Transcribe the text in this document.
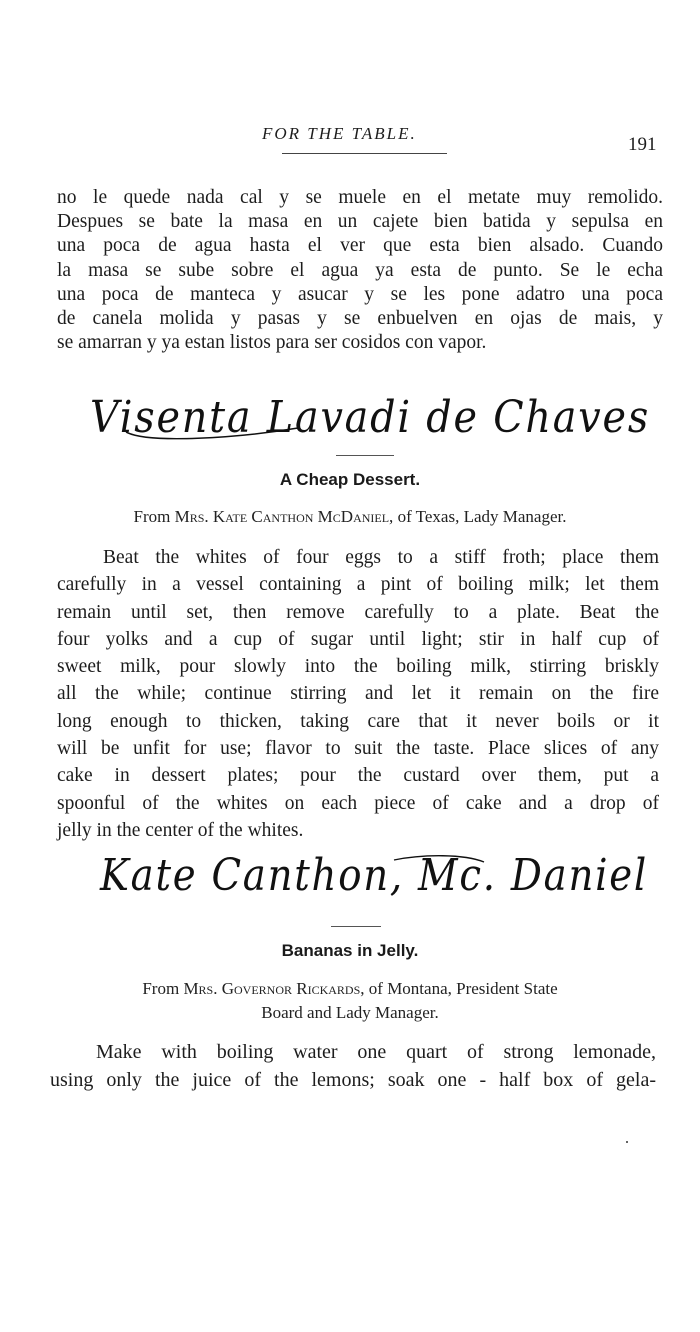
FOR THE TABLE.
191
no le quede nada cal y se muele en el metate muy remolido.
Despues se bate la masa en un cajete bien batida y sepulsa en
una poca de agua hasta el ver que esta bien alsado. Cuando
la masa se sube sobre el agua ya esta de punto. Se le echa
una poca de manteca y asucar y se les pone adatro una poca
de canela molida y pasas y se enbuelven en ojas de mais, y
se amarran y ya estan listos para ser cosidos con vapor.
Visenta Lavadi de Chaves
A Cheap Dessert.
From Mrs. Kate Canthon McDaniel, of Texas, Lady Manager.
Beat the whites of four eggs to a stiff froth; place them
carefully in a vessel containing a pint of boiling milk; let them
remain until set, then remove carefully to a plate. Beat the
four yolks and a cup of sugar until light; stir in half cup of
sweet milk, pour slowly into the boiling milk, stirring briskly
all the while; continue stirring and let it remain on the fire
long enough to thicken, taking care that it never boils or it
will be unfit for use; flavor to suit the taste. Place slices of any
cake in dessert plates; pour the custard over them, put a
spoonful of the whites on each piece of cake and a drop of
jelly in the center of the whites.
Kate Canthon, Mc. Daniel
Bananas in Jelly.
From Mrs. Governor Rickards, of Montana, President State
Board and Lady Manager.
Make with boiling water one quart of strong lemonade,
using only the juice of the lemons; soak one - half box of gela-
